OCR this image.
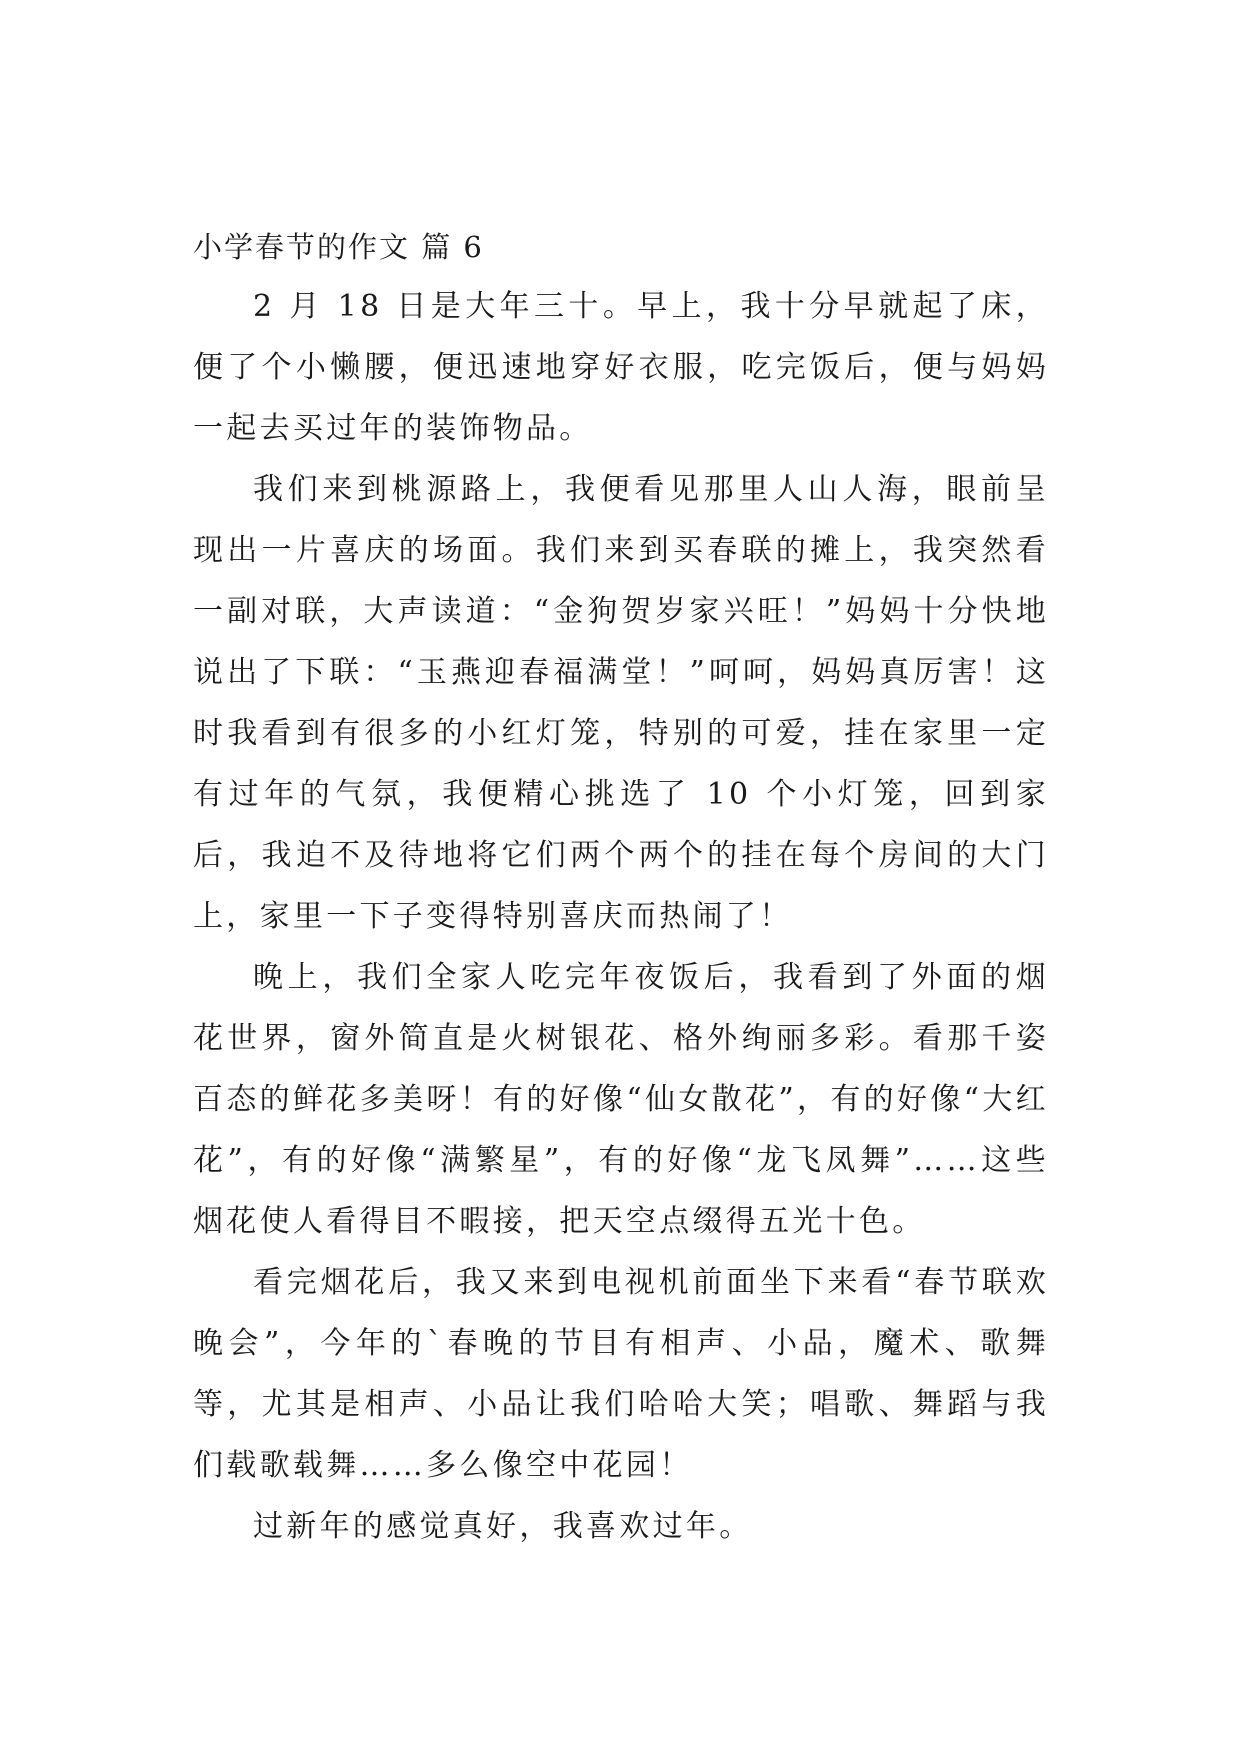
小学春节的作文 篇 6

2 月 18 日是大年三十。早上，我十分早就起了床，便了个小懒腰，便迅速地穿好衣服，吃完饭后，便与妈妈一起去买过年的装饰物品。

我们来到桃源路上，我便看见那里人山人海，眼前呈现出一片喜庆的场面。我们来到买春联的摊上，我突然看一副对联，大声读道：“金狗贺岁家兴旺！”妈妈十分快地说出了下联：“玉燕迎春福满堂！”呵呵，妈妈真厉害！这时我看到有很多的小红灯笼，特别的可爱，挂在家里一定有过年的气氛，我便精心挑选了 10 个小灯笼，回到家后，我迫不及待地将它们两个两个的挂在每个房间的大门上，家里一下子变得特别喜庆而热闹了！

晚上，我们全家人吃完年夜饭后，我看到了外面的烟花世界，窗外简直是火树银花、格外绚丽多彩。看那千姿百态的鲜花多美呀！有的好像“仙女散花”，有的好像“大红花”，有的好像“满繁星”，有的好像“龙飞凤舞”……这些烟花使人看得目不暇接，把天空点缀得五光十色。

看完烟花后，我又来到电视机前面坐下来看“春节联欢晚会”，今年的`春晚的节目有相声、小品，魔术、歌舞等，尤其是相声、小品让我们哈哈大笑；唱歌、舞蹈与我们载歌载舞……多么像空中花园！

过新年的感觉真好，我喜欢过年。
